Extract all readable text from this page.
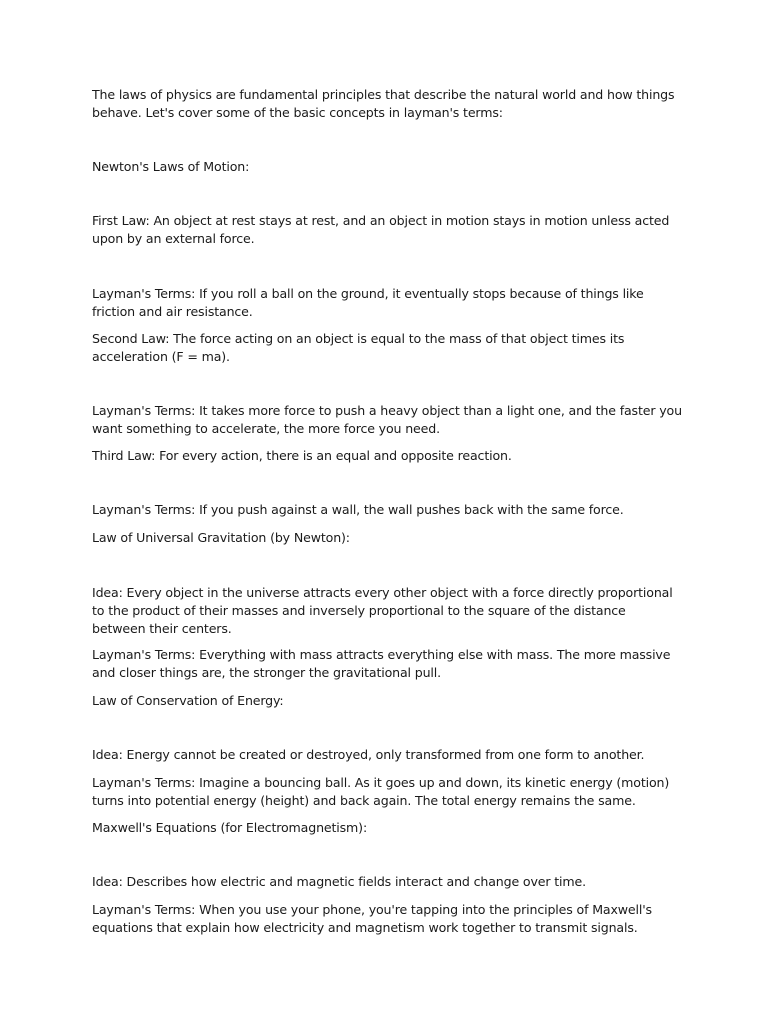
The laws of physics are fundamental principles that describe the natural world and how things behave. Let's cover some of the basic concepts in layman's terms:

Newton's Laws of Motion:

First Law: An object at rest stays at rest, and an object in motion stays in motion unless acted upon by an external force.

Layman's Terms: If you roll a ball on the ground, it eventually stops because of things like friction and air resistance.

Second Law: The force acting on an object is equal to the mass of that object times its acceleration (F = ma).

Layman's Terms: It takes more force to push a heavy object than a light one, and the faster you want something to accelerate, the more force you need.

Third Law: For every action, there is an equal and opposite reaction.

Layman's Terms: If you push against a wall, the wall pushes back with the same force.

Law of Universal Gravitation (by Newton):

Idea: Every object in the universe attracts every other object with a force directly proportional to the product of their masses and inversely proportional to the square of the distance between their centers.

Layman's Terms: Everything with mass attracts everything else with mass. The more massive and closer things are, the stronger the gravitational pull.

Law of Conservation of Energy:

Idea: Energy cannot be created or destroyed, only transformed from one form to another.

Layman's Terms: Imagine a bouncing ball. As it goes up and down, its kinetic energy (motion) turns into potential energy (height) and back again. The total energy remains the same.

Maxwell's Equations (for Electromagnetism):

Idea: Describes how electric and magnetic fields interact and change over time.

Layman's Terms: When you use your phone, you're tapping into the principles of Maxwell's equations that explain how electricity and magnetism work together to transmit signals.
